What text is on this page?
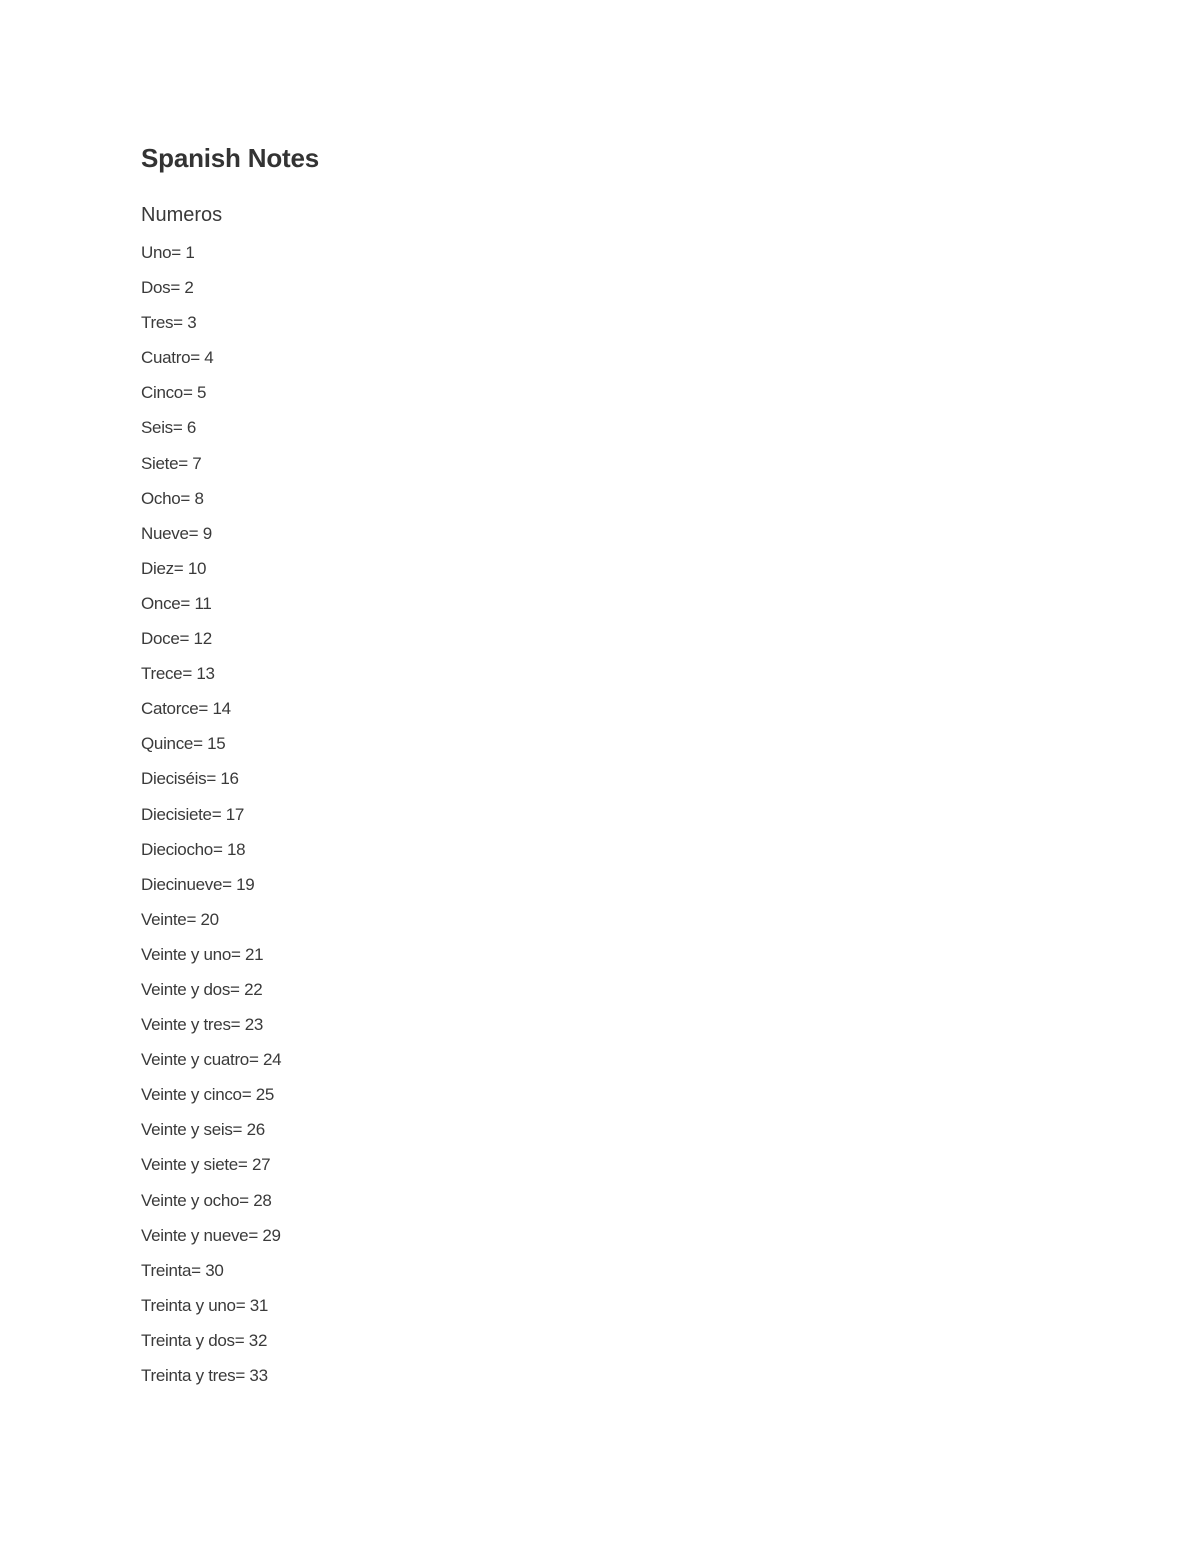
Spanish Notes
Numeros
Uno= 1
Dos= 2
Tres= 3
Cuatro= 4
Cinco= 5
Seis= 6
Siete= 7
Ocho= 8
Nueve= 9
Diez= 10
Once= 11
Doce= 12
Trece= 13
Catorce= 14
Quince= 15
Dieciséis= 16
Diecisiete= 17
Dieciocho= 18
Diecinueve= 19
Veinte= 20
Veinte y uno= 21
Veinte y dos= 22
Veinte y tres= 23
Veinte y cuatro= 24
Veinte y cinco= 25
Veinte y seis= 26
Veinte y siete= 27
Veinte y ocho= 28
Veinte y nueve= 29
Treinta= 30
Treinta y uno= 31
Treinta y dos= 32
Treinta y tres= 33
